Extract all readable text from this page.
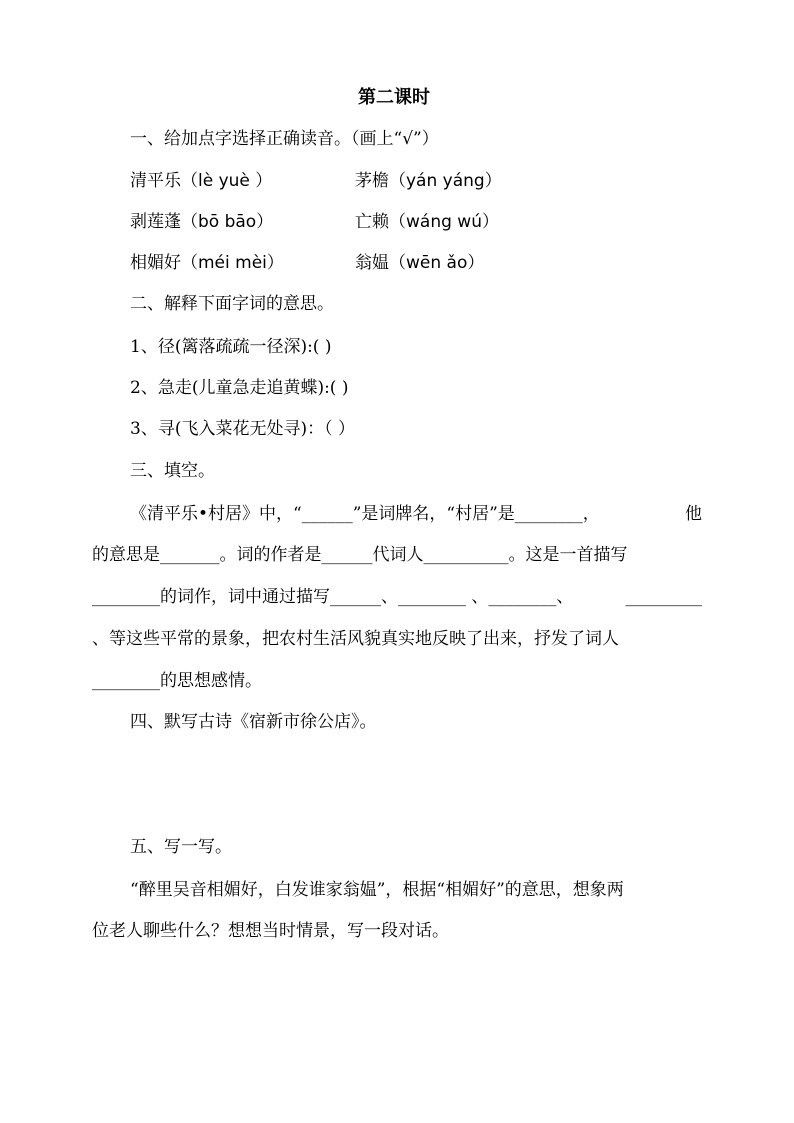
第二课时
一、给加点字选择正确读音。（画上“√”）
清平乐（lè yuè ）	茅檐（yán yáng）
剥莲蓬（bō bāo）	亡赖（wáng wú）
相媚好（méi mèi）	翁媪（wēn ǎo）
二、解释下面字词的意思。
1、径(篱落疏疏一径深):( )
2、急走(儿童急走追黄蝶):( )
3、寻(飞入菜花无处寻)：（ ）
三、填空。
《清平乐•村居》中，“______”是词牌名，“村居”是________，	他
的意思是_______。词的作者是______代词人__________。这是一首描写
________的词作，词中通过描写______、________ 、________、	_________
、等这些平常的景象，把农村生活风貌真实地反映了出来，抒发了词人
________的思想感情。
四、默写古诗《宿新市徐公店》。
五、写一写。
“醉里吴音相媚好，白发谁家翁媪”，根据“相媚好”的意思，想象两
位老人聊些什么？想想当时情景，写一段对话。
